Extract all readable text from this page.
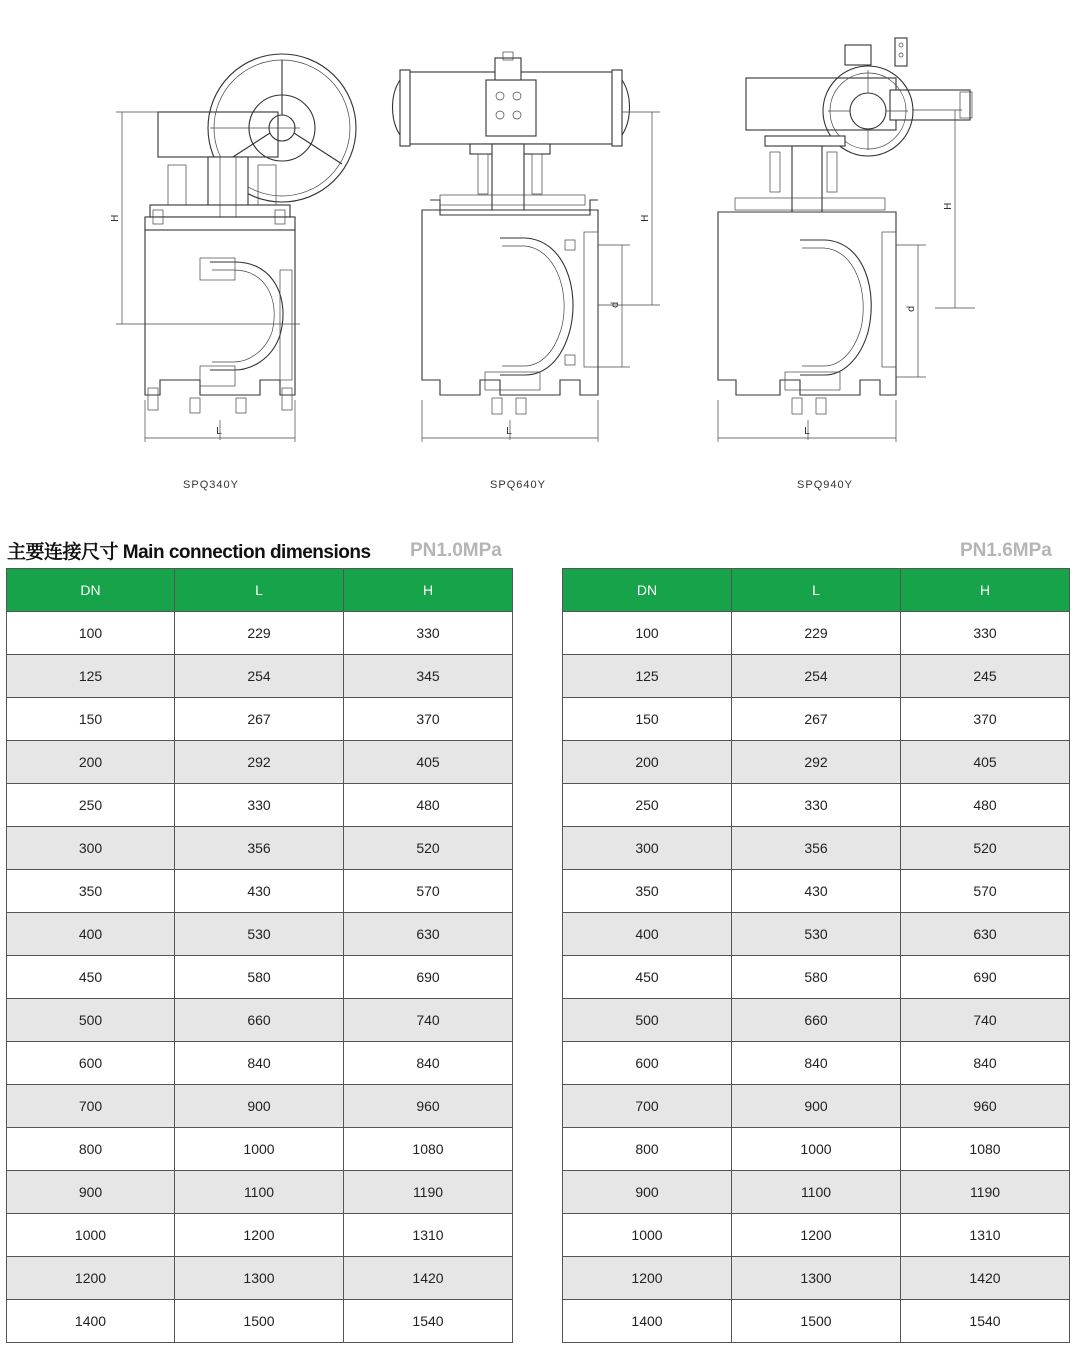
H
L
H
d
L
H
d
L
SPQ340Y	SPQ640Y	SPQ940Y
主要连接尺寸 Main connection dimensions PN1.0MPa	PN1.6MPa
DN	L	H
100	229	330
125	254	345
150	267	370
200	292	405
250	330	480
300	356	520
350	430	570
400	530	630
450	580	690
500	660	740
600	840	840
700	900	960
800	1000	1080
900	1100	1190
1000	1200	1310
1200	1300	1420
1400	1500	1540
DN	L	H
100	229	330
125	254	245
150	267	370
200	292	405
250	330	480
300	356	520
350	430	570
400	530	630
450	580	690
500	660	740
600	840	840
700	900	960
800	1000	1080
900	1100	1190
1000	1200	1310
1200	1300	1420
1400	1500	1540
